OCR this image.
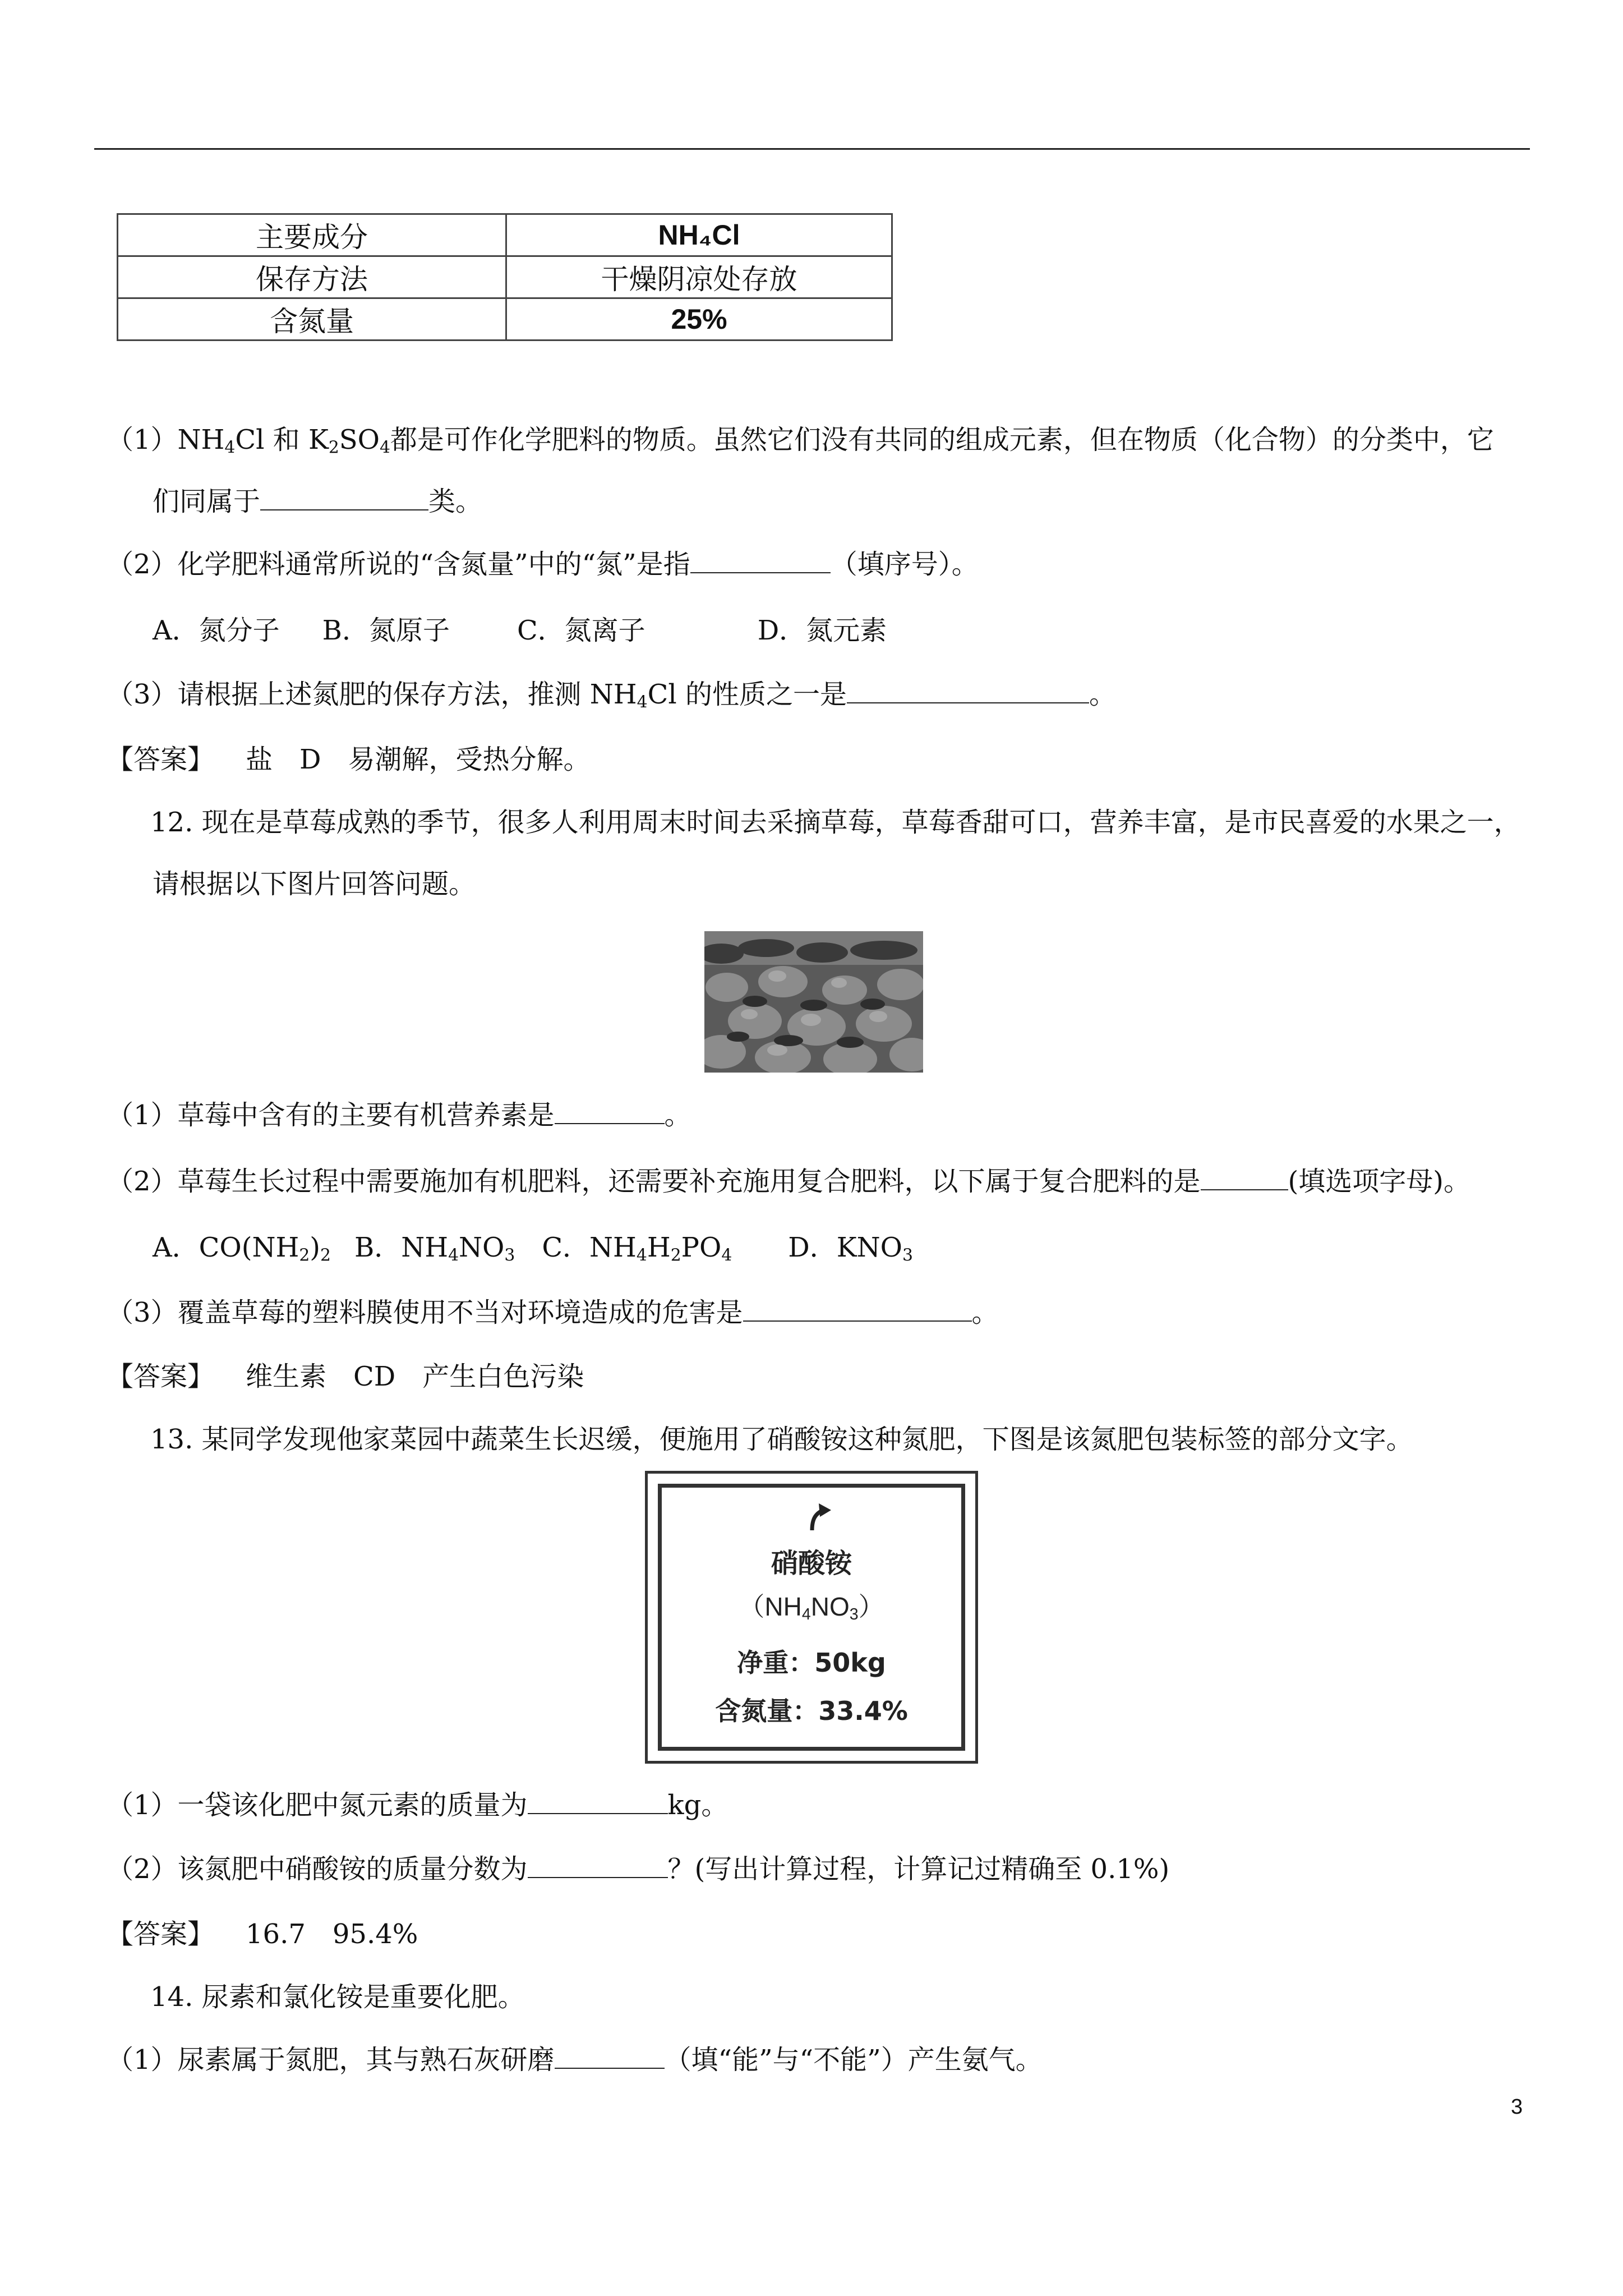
主要成分	NH₄Cl
保存方法	干燥阴凉处存放
含氮量	25%
$(1)NH_4Cl$ 和 $K_2SO_4$都是可作化学肥料的物质。虽然它们没有共同的组成元素，但在物质（化合物）的分类中，它
们同属于	类。
（2）化学肥料通常所说的“含氮量”中的“氮”是指	（填序号）。
A．氮分子 B．氮原子	C．氮离子	D．氮元素
（3）请根据上述氮肥的保存方法，推测 $NH_4Cl$ 的性质之一是	。
【答案】 盐　D　易潮解，受热分解。
12. 现在是草莓成熟的季节，很多人利用周末时间去采摘草莓，草莓香甜可口，营养丰富，是市民喜爱的水果之一，
请根据以下图片回答问题。
（1）草莓中含有的主要有机营养素是	。
（2）草莓生长过程中需要施加有机肥料，还需要补充施用复合肥料，以下属于复合肥料的是	(填选项字母)。
A．$CO(NH_2)_2$ B．$NH_4NO_3$ C．$NH_4H_2PO_4$ D．$KNO_3$
（3）覆盖草莓的塑料膜使用不当对环境造成的危害是	。
【答案】 维生素　CD　产生白色污染
13. 某同学发现他家菜园中蔬菜生长迟缓，便施用了硝酸铵这种氮肥，下图是该氮肥包装标签的部分文字。
硝酸铵
$(NH_4NO_3)$
净重：50kg
含氮量：33.4%
（1）一袋该化肥中氮元素的质量为	kg。
（2）该氮肥中硝酸铵的质量分数为	？(写出计算过程，计算记过精确至 0.1%)
【答案】 16.7　95.4%
14. 尿素和氯化铵是重要化肥。
（1）尿素属于氮肥，其与熟石灰研磨	（填“能”与“不能”）产生氨气。
3
